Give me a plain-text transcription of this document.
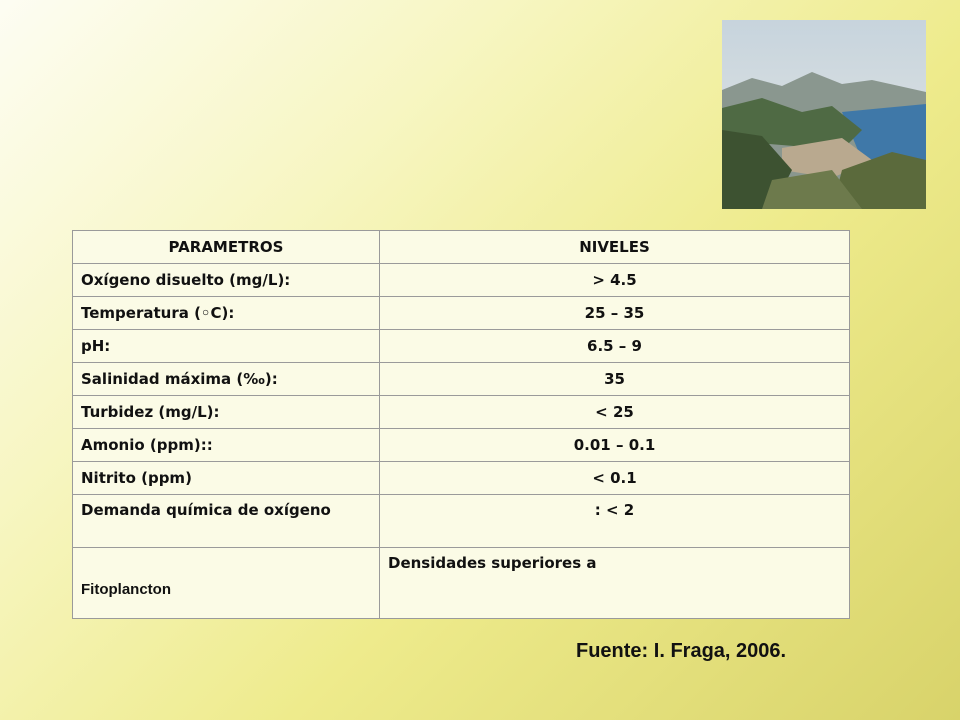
PARAMETROS	NIVELES
Oxígeno disuelto (mg/L):	> 4.5
Temperatura (◦C):	25 – 35
pH:	6.5 – 9
Salinidad máxima (‰):	35
Turbidez (mg/L):	< 25
Amonio (ppm)::	0.01 – 0.1
Nitrito (ppm)	< 0.1
Demanda química de oxígeno	: < 2
Fitoplancton	Densidades superiores a
Fuente: I. Fraga, 2006.
